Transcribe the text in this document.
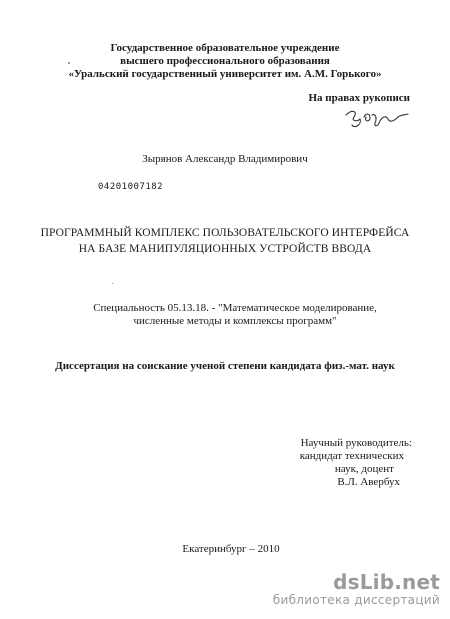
Государственное образовательное учреждение
высшего профессионального образования
«Уральский государственный университет им. А.М. Горького»
На правах рукописи
Зырянов Александр Владимирович
04201007182
ПРОГРАММНЫЙ КОМПЛЕКС ПОЛЬЗОВАТЕЛЬСКОГО ИНТЕРФЕЙСА
НА БАЗЕ МАНИПУЛЯЦИОННЫХ УСТРОЙСТВ ВВОДА
Специальность 05.13.18. - "Математическое моделирование,
численные методы и комплексы программ"
Диссертация на соискание ученой степени кандидата физ.-мат. наук
Научный руководитель:
кандидат технических
наук, доцент
В.Л. Авербух
Екатеринбург – 2010
dsLib.net
библиотека диссертаций
